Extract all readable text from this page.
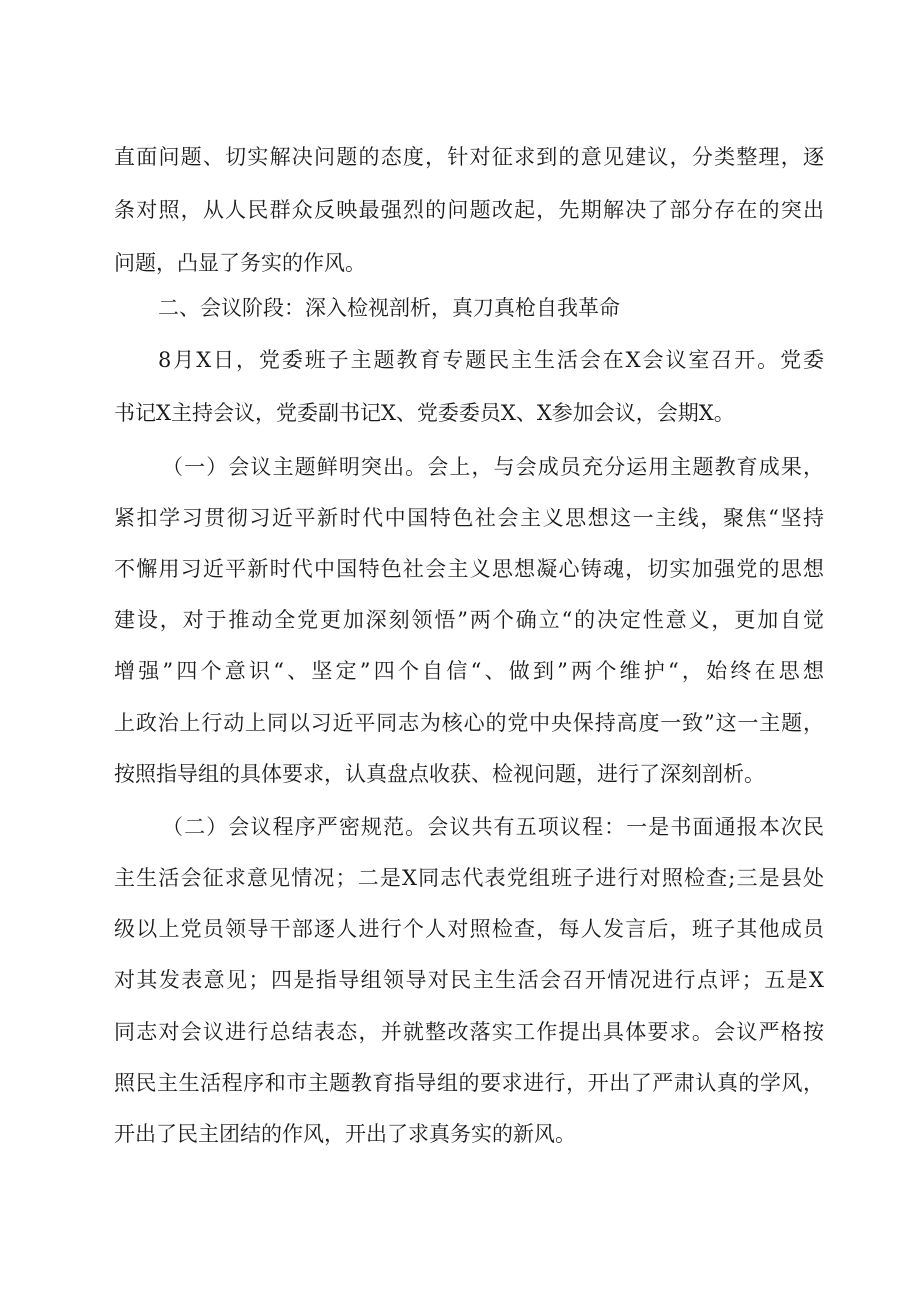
直面问题、切实解决问题的态度，针对征求到的意见建议，分类整理，逐
条对照，从人民群众反映最强烈的问题改起，先期解决了部分存在的突出
问题，凸显了务实的作风。
二、会议阶段：深入检视剖析，真刀真枪自我革命
8月X日，党委班子主题教育专题民主生活会在X会议室召开。党委
书记X主持会议，党委副书记X、党委委员X、X参加会议，会期X。
（一）会议主题鲜明突出。会上，与会成员充分运用主题教育成果，
紧扣学习贯彻习近平新时代中国特色社会主义思想这一主线，聚焦“坚持
不懈用习近平新时代中国特色社会主义思想凝心铸魂，切实加强党的思想
建设，对于推动全党更加深刻领悟”两个确立“的决定性意义，更加自觉
增强”四个意识“、坚定”四个自信“、做到”两个维护“，始终在思想
上政治上行动上同以习近平同志为核心的党中央保持高度一致”这一主题，
按照指导组的具体要求，认真盘点收获、检视问题，进行了深刻剖析。
（二）会议程序严密规范。会议共有五项议程：一是书面通报本次民
主生活会征求意见情况；二是X同志代表党组班子进行对照检查;三是县处
级以上党员领导干部逐人进行个人对照检查，每人发言后，班子其他成员
对其发表意见；四是指导组领导对民主生活会召开情况进行点评；五是X
同志对会议进行总结表态，并就整改落实工作提出具体要求。会议严格按
照民主生活程序和市主题教育指导组的要求进行，开出了严肃认真的学风，
开出了民主团结的作风，开出了求真务实的新风。
